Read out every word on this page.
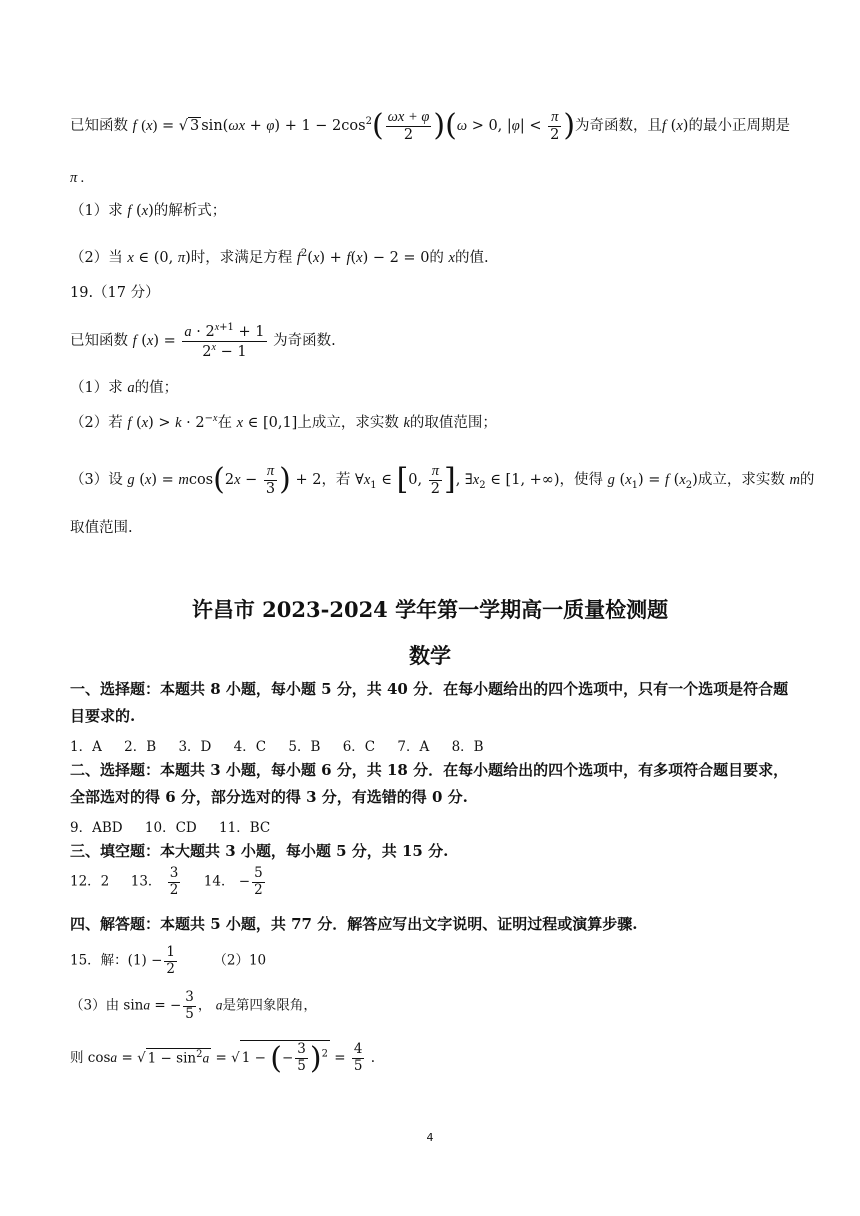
已知函数 f (x) = √ 3 $\sin(\omega x + \varphi) + 1 - 2\cos^2( \frac{\omega x + \varphi}{2} )(\omega > 0$, $|\varphi| < \frac{\pi}{2}$ )为奇函数，且f (x)的最小正周期是
π .
（1）求 f (x)的解析式；
（2）当 x ∈ (0, π)时，求满足方程 $f^2(x) + f(x) - 2 = 0$的 x的值.
19.（17 分）
已知函数 f $(x) = \frac{a \cdot 2^{x+1} + 1}{2^x - 1}$ 为奇函数.
（1）求 a的值；
（2）若 f $(x) > k \cdot 2^{-x}$在 x ∈ [0,1]上成立，求实数 k的取值范围；
（3）设 g $(x) = mcos(2x - \frac{\pi}{3}$ ) + 2，若 $\forall x_1$ ∈ [0, $\frac{\pi}{2}$ ], $\exists x_2$ ∈ [1, +∞)，使得 g $(x_1) = f$ $(x_2)$成立，求实数 m的
取值范围.
许昌市 2023-2024 学年第一学期高一质量检测题
数学
一、选择题：本题共 8 小题，每小题 5 分，共 40 分．在每小题给出的四个选项中，只有一个选项是符合题目要求的.
1．A 2．B 3．D 4．C 5．B 6．C 7．A 8．B
二、选择题：本题共 3 小题，每小题 6 分，共 18 分．在每小题给出的四个选项中，有多项符合题目要求，全部选对的得 6 分，部分选对的得 3 分，有选错的得 0 分.
9．ABD 10．CD 11．BC
三、填空题：本大题共 3 小题，每小题 5 分，共 15 分.
12．2 13． $\frac{3}{2} 14$． − $\frac{5}{2}$
四、解答题：本题共 5 小题，共 77 分．解答应写出文字说明、证明过程或演算步骤.
15．解：$(1) - \frac{1}{2}$	（2）10
（3）由 sina = − $\frac{3}{5}$ ， a是第四象限角，
则 cosa = √ $1 - \sin^2a$ = √ 1 − (− $\frac{3}{5} )^2 = \frac{4}{5}$ .
4
